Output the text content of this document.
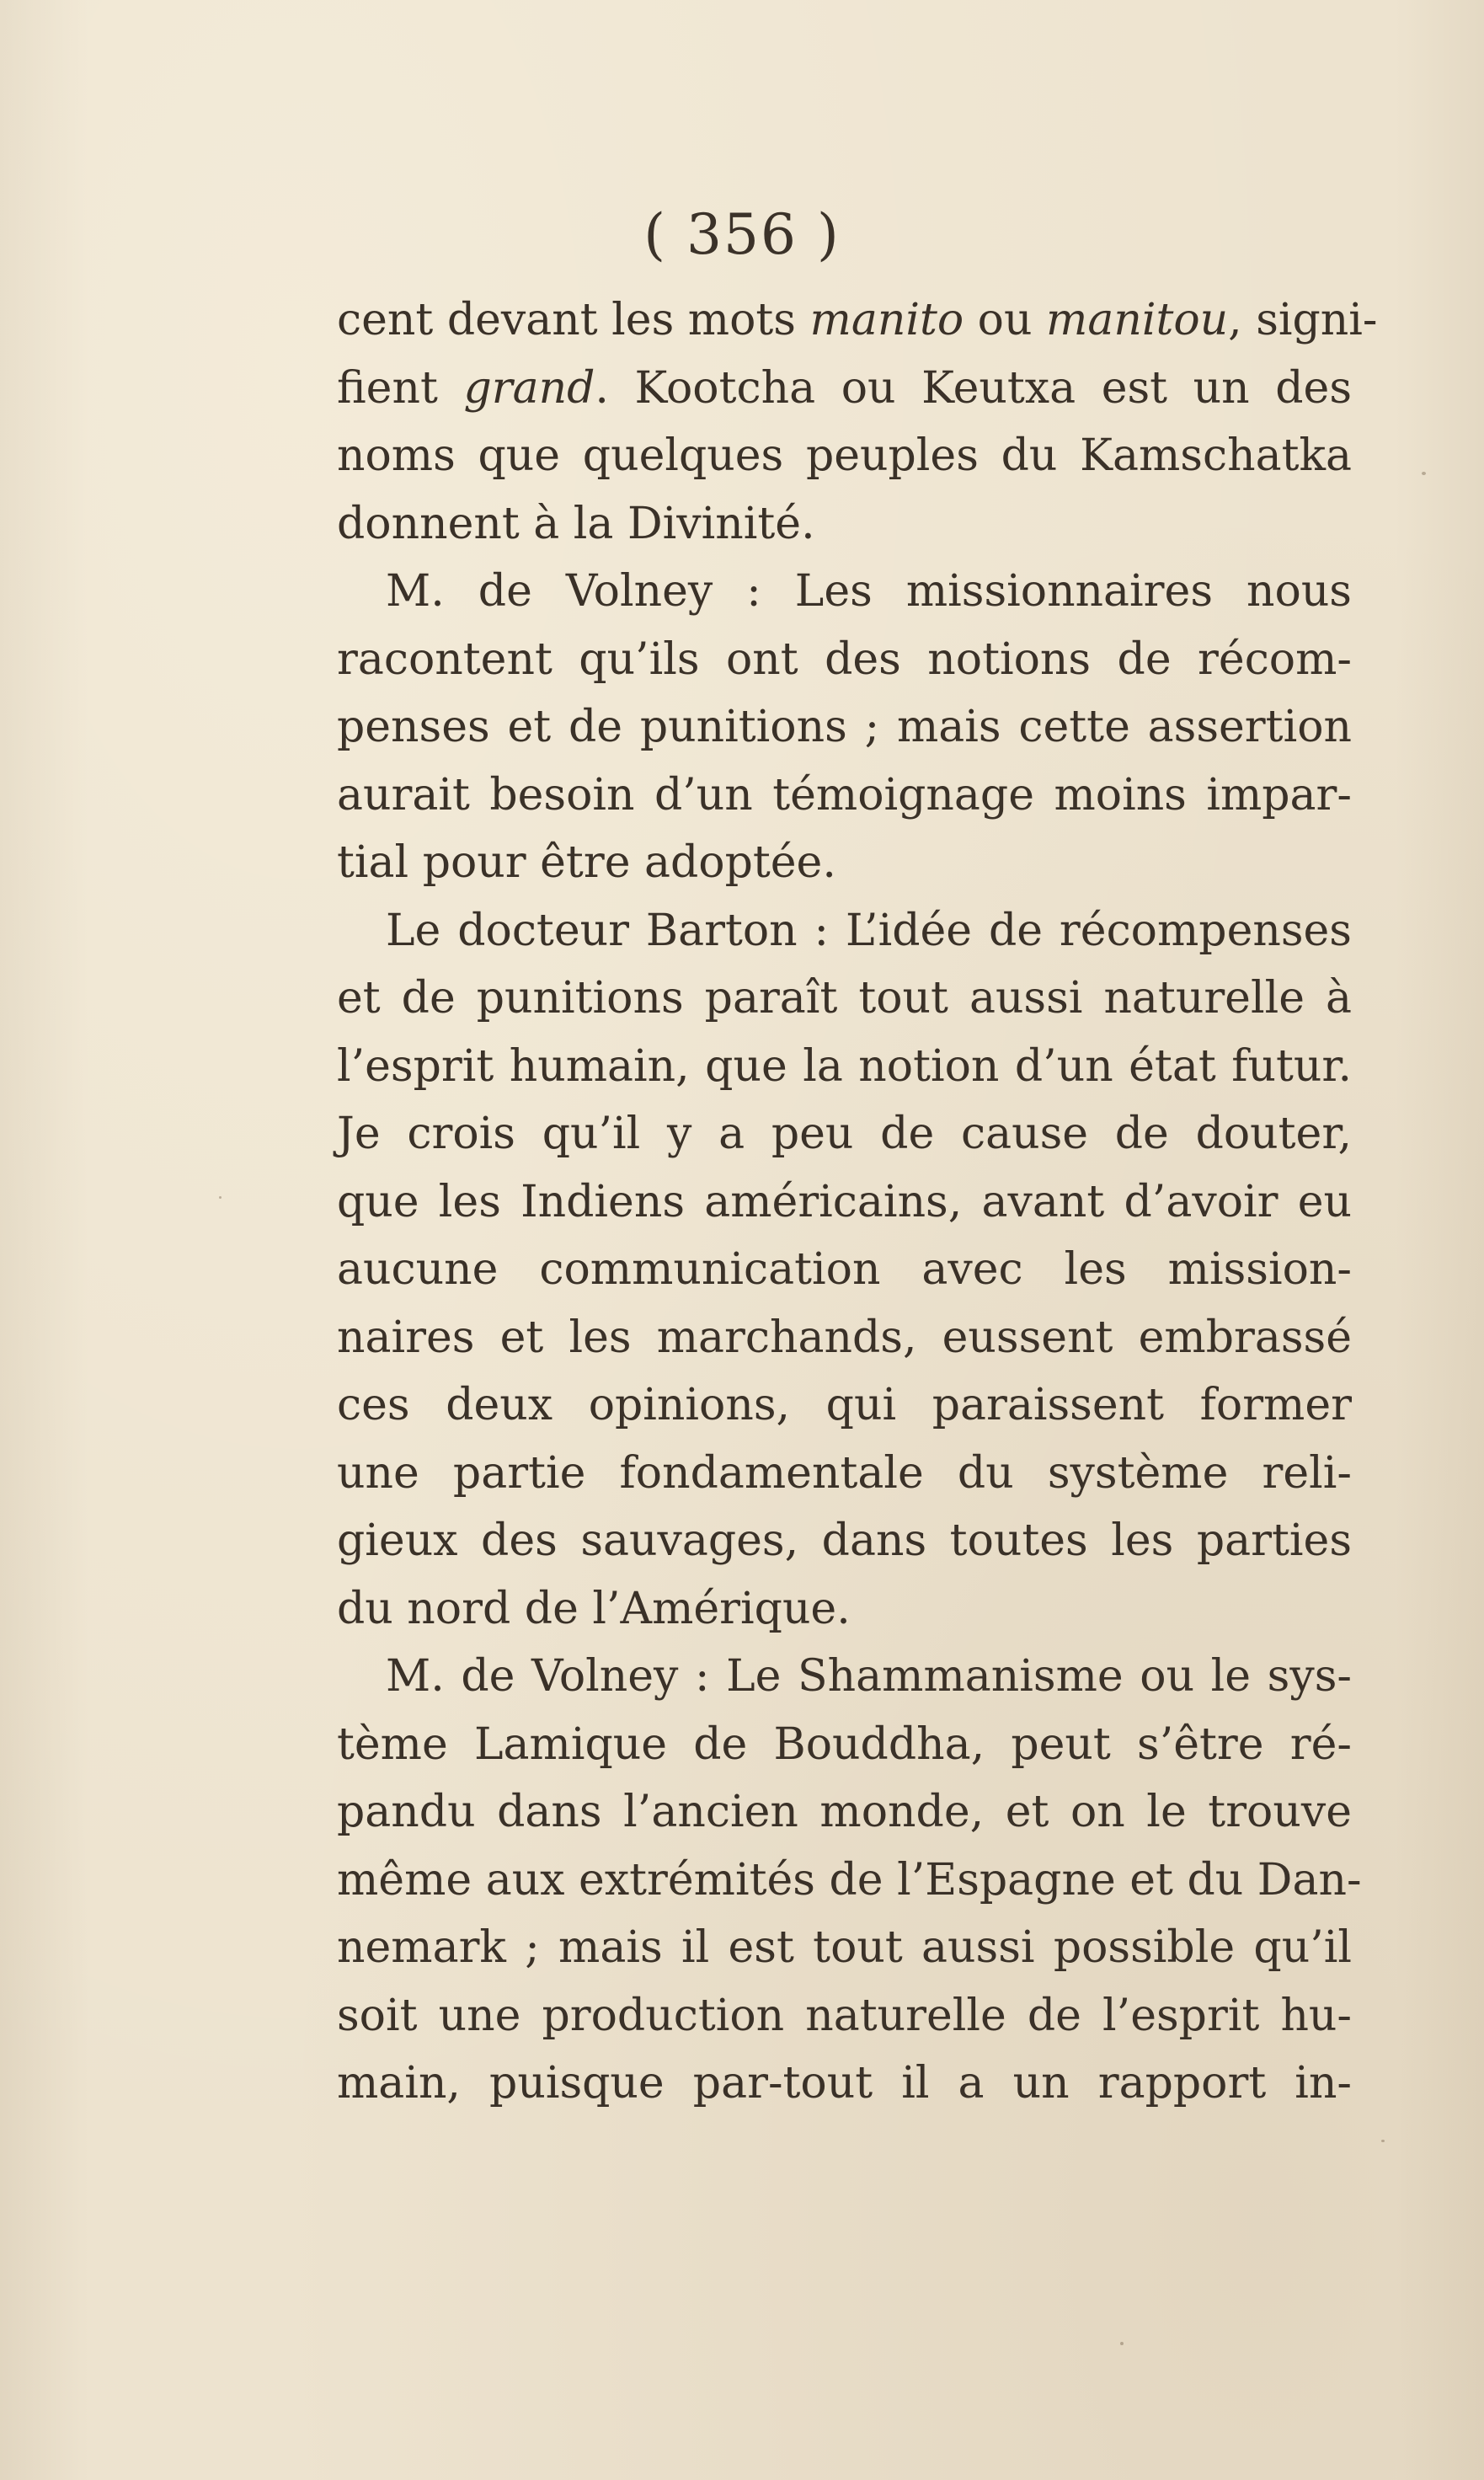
( 356 )
cent devant les mots manito ou manitou, signi-
fient grand. Kootcha ou Keutxa est un des
noms que quelques peuples du Kamschatka
donnent à la Divinité.
M. de Volney : Les missionnaires nous
racontent qu’ils ont des notions de récom-
penses et de punitions ; mais cette assertion
aurait besoin d’un témoignage moins impar-
tial pour être adoptée.
Le docteur Barton : L’idée de récompenses
et de punitions paraît tout aussi naturelle à
l’esprit humain, que la notion d’un état futur.
Je crois qu’il y a peu de cause de douter,
que les Indiens américains, avant d’avoir eu
aucune communication avec les mission-
naires et les marchands, eussent embrassé
ces deux opinions, qui paraissent former
une partie fondamentale du système reli-
gieux des sauvages, dans toutes les parties
du nord de l’Amérique.
M. de Volney : Le Shammanisme ou le sys-
tème Lamique de Bouddha, peut s’être ré-
pandu dans l’ancien monde, et on le trouve
même aux extrémités de l’Espagne et du Dan-
nemark ; mais il est tout aussi possible qu’il
soit une production naturelle de l’esprit hu-
main, puisque par-tout il a un rapport in-
